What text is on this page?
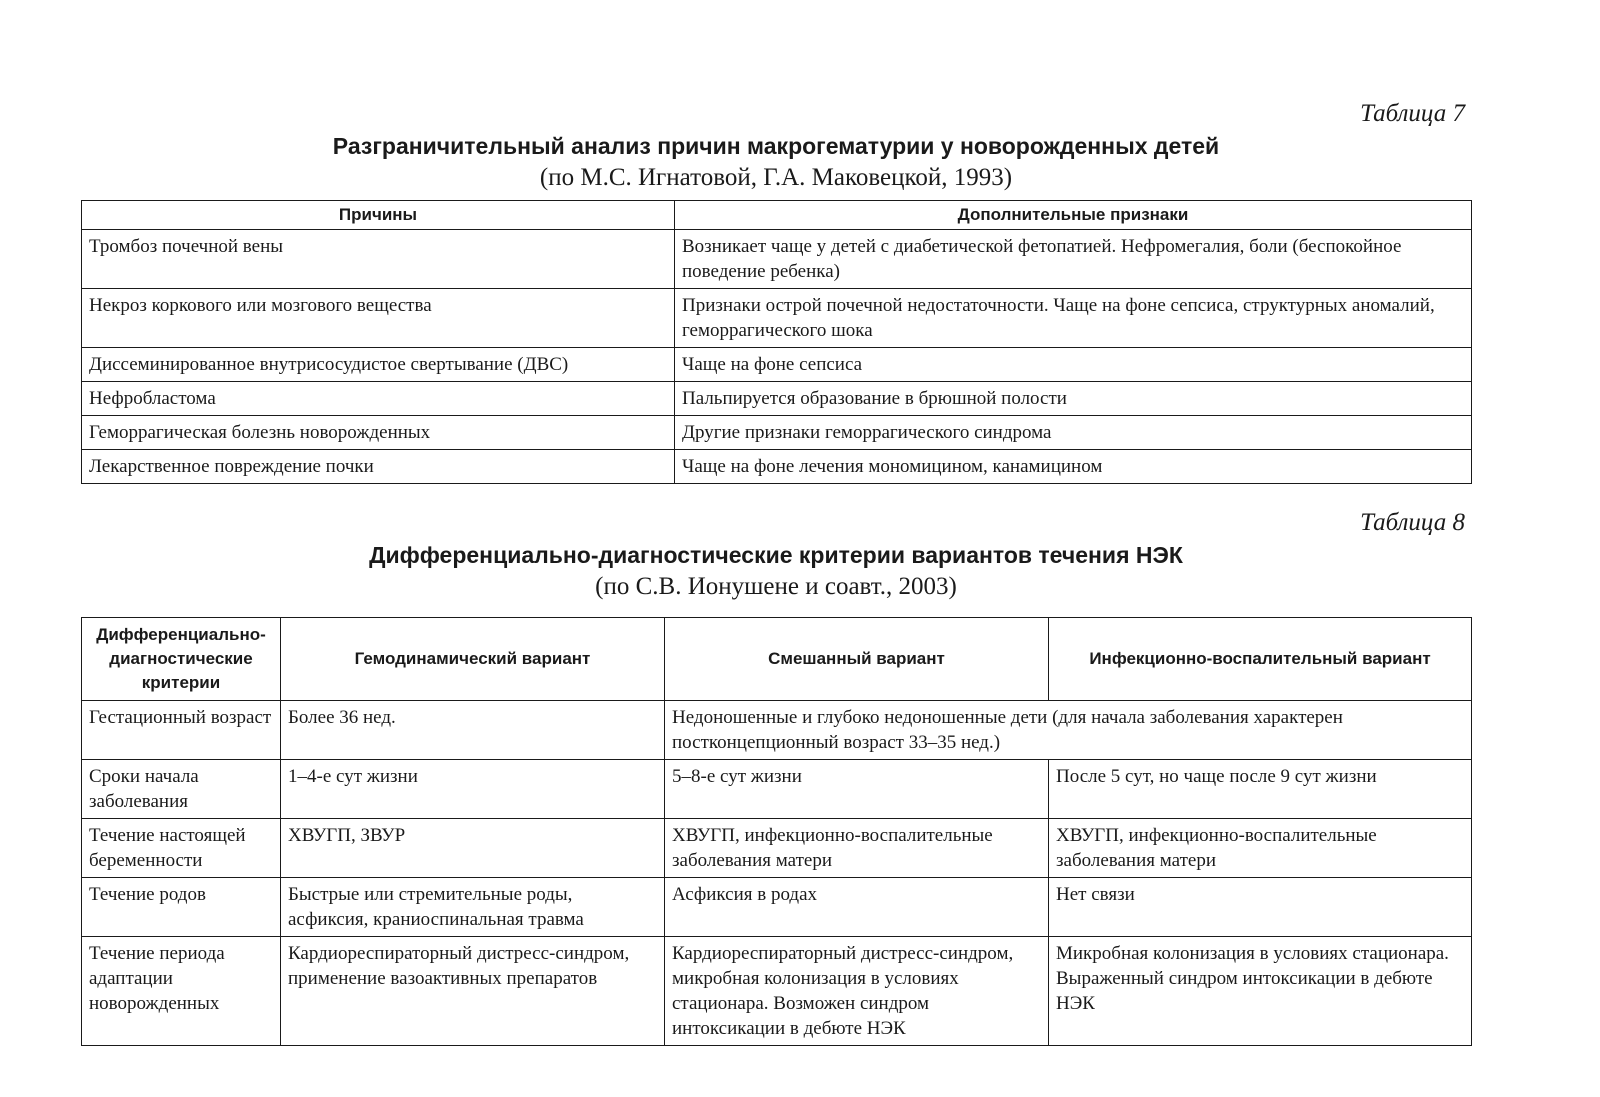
Таблица 7
Разграничительный анализ причин макрогематурии у новорожденных детей
(по М.С. Игнатовой, Г.А. Маковецкой, 1993)
Причины	Дополнительные признаки
Тромбоз почечной вены	Возникает чаще у детей с диабетической фетопатией. Нефромегалия, боли (беспокойное поведение ребенка)
Некроз коркового или мозгового вещества	Признаки острой почечной недостаточности. Чаще на фоне сепсиса, структурных аномалий, геморрагического шока
Диссеминированное внутрисосудистое свертывание (ДВС)	Чаще на фоне сепсиса
Нефробластома	Пальпируется образование в брюшной полости
Геморрагическая болезнь новорожденных	Другие признаки геморрагического синдрома
Лекарственное повреждение почки	Чаще на фоне лечения мономицином, канамицином
Таблица 8
Дифференциально-диагностические критерии вариантов течения НЭК
(по С.В. Ионушене и соавт., 2003)
Дифференциально-диагностические критерии	Гемодинамический вариант	Смешанный вариант	Инфекционно-воспалительный вариант
Гестационный возраст	Более 36 нед.	Недоношенные и глубоко недоношенные дети (для начала заболевания характерен постконцепционный возраст 33–35 нед.)	
Сроки начала заболевания	1–4-е сут жизни	5–8-е сут жизни	После 5 сут, но чаще после 9 сут жизни
Течение настоящей беременности	ХВУГП, ЗВУР	ХВУГП, инфекционно-воспалительные заболевания матери	ХВУГП, инфекционно-воспалительные заболевания матери
Течение родов	Быстрые или стремительные роды, асфиксия, краниоспинальная травма	Асфиксия в родах	Нет связи
Течение периода адаптации новорожденных	Кардиореспираторный дистресс-синдром, применение вазоактивных препаратов	Кардиореспираторный дистресс-синдром, микробная колонизация в условиях стационара. Возможен синдром интоксикации в дебюте НЭК	Микробная колонизация в условиях стационара. Выраженный синдром интоксикации в дебюте НЭК
